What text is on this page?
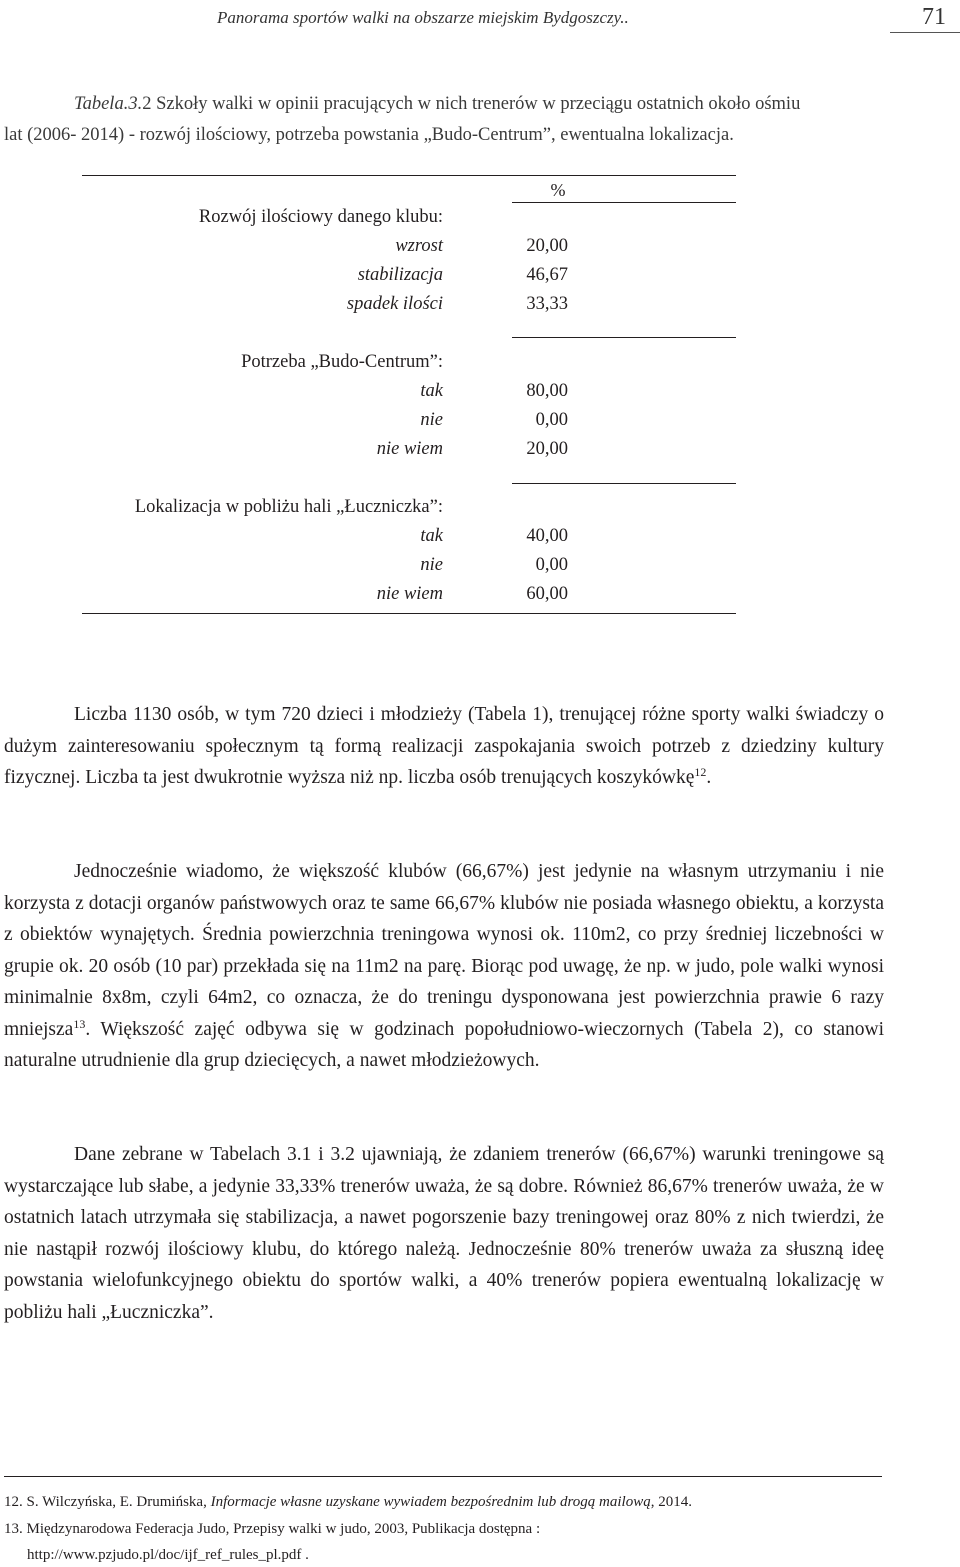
Panorama sportów walki na obszarze miejskim Bydgoszczy..	71
Tabela.3.2 Szkoły walki w opinii pracujących w nich trenerów w przeciągu ostatnich około ośmiu
lat (2006- 2014) - rozwój ilościowy, potrzeba powstania „Budo-Centrum”, ewentualna lokalizacja.
%
Rozwój ilościowy danego klubu:
wzrost	20,00
stabilizacja	46,67
spadek ilości	33,33
Potrzeba „Budo-Centrum”:
tak	80,00
nie	0,00
nie wiem	20,00
Lokalizacja w pobliżu hali „Łuczniczka”:
tak	40,00
nie	0,00
nie wiem	60,00
Liczba 1130 osób, w tym 720 dzieci i młodzieży (Tabela 1), trenującej różne sporty walki świadczy o dużym zainteresowaniu społecznym tą formą realizacji zaspokajania swoich potrzeb z dziedziny kultury fizycznej. Liczba ta jest dwukrotnie wyższa niż np. liczba osób trenujących koszykówkę$^{12}$.
Jednocześnie wiadomo, że większość klubów (66,67%) jest jedynie na własnym utrzymaniu i nie korzysta z dotacji organów państwowych oraz te same 66,67% klubów nie posiada własnego obiektu, a korzysta z obiektów wynajętych. Średnia powierzchnia treningowa wynosi ok. 110m2, co przy średniej liczebności w grupie ok. 20 osób (10 par) przekłada się na 11m2 na parę. Biorąc pod uwagę, że np. w judo, pole walki wynosi minimalnie 8x8m, czyli 64m2, co oznacza, że do treningu dysponowana jest powierzchnia prawie 6 razy mniejsza$^{13}$. Większość zajęć odbywa się w godzinach popołudniowo-wieczornych (Tabela 2), co stanowi naturalne utrudnienie dla grup dziecięcych, a nawet młodzieżowych.
Dane zebrane w Tabelach 3.1 i 3.2 ujawniają, że zdaniem trenerów (66,67%) warunki treningowe są wystarczające lub słabe, a jedynie 33,33% trenerów uważa, że są dobre. Również 86,67% trenerów uważa, że w ostatnich latach utrzymała się stabilizacja, a nawet pogorszenie bazy treningowej oraz 80% z nich twierdzi, że nie nastąpił rozwój ilościowy klubu, do którego należą. Jednocześnie 80% trenerów uważa za słuszną ideę powstania wielofunkcyjnego obiektu do sportów walki, a 40% trenerów popiera ewentualną lokalizację w pobliżu hali „Łuczniczka”.
12. S. Wilczyńska, E. Drumińska, Informacje własne uzyskane wywiadem bezpośrednim lub drogą mailową, 2014.
13. Międzynarodowa Federacja Judo, Przepisy walki w judo, 2003, Publikacja dostępna :
http://www.pzjudo.pl/doc/ijf_ref_rules_pl.pdf .
